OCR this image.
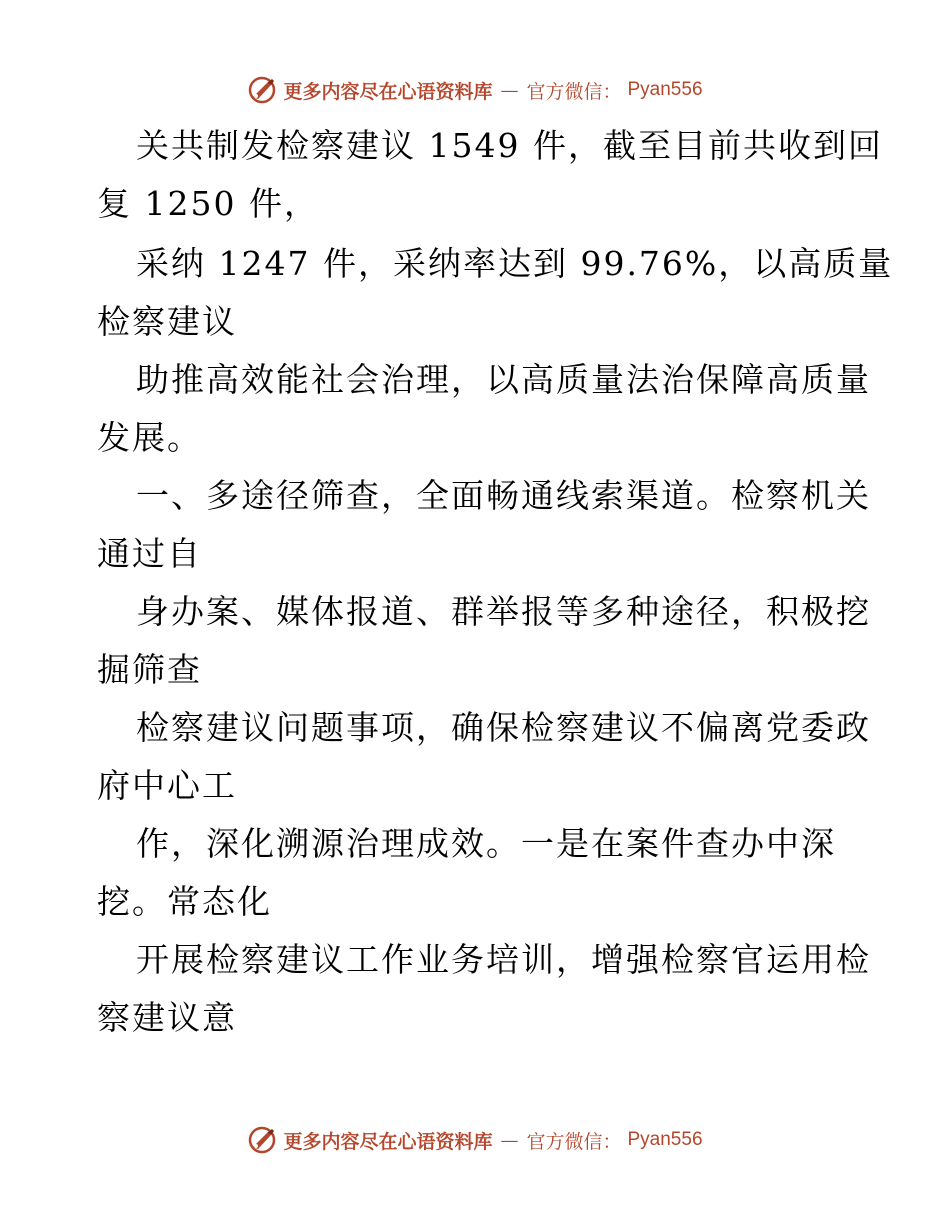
更多内容尽在心语资料库 — 官方微信： Pyan556
关共制发检察建议 1549 件，截至目前共收到回
复 1250 件，
采纳 1247 件，采纳率达到 99.76%，以高质量
检察建议
助推高效能社会治理，以高质量法治保障高质量
发展。
一、多途径筛查，全面畅通线索渠道。检察机关
通过自
身办案、媒体报道、群举报等多种途径，积极挖
掘筛查
检察建议问题事项，确保检察建议不偏离党委政
府中心工
作，深化溯源治理成效。一是在案件查办中深
挖。常态化
开展检察建议工作业务培训，增强检察官运用检
察建议意
更多内容尽在心语资料库 — 官方微信： Pyan556
